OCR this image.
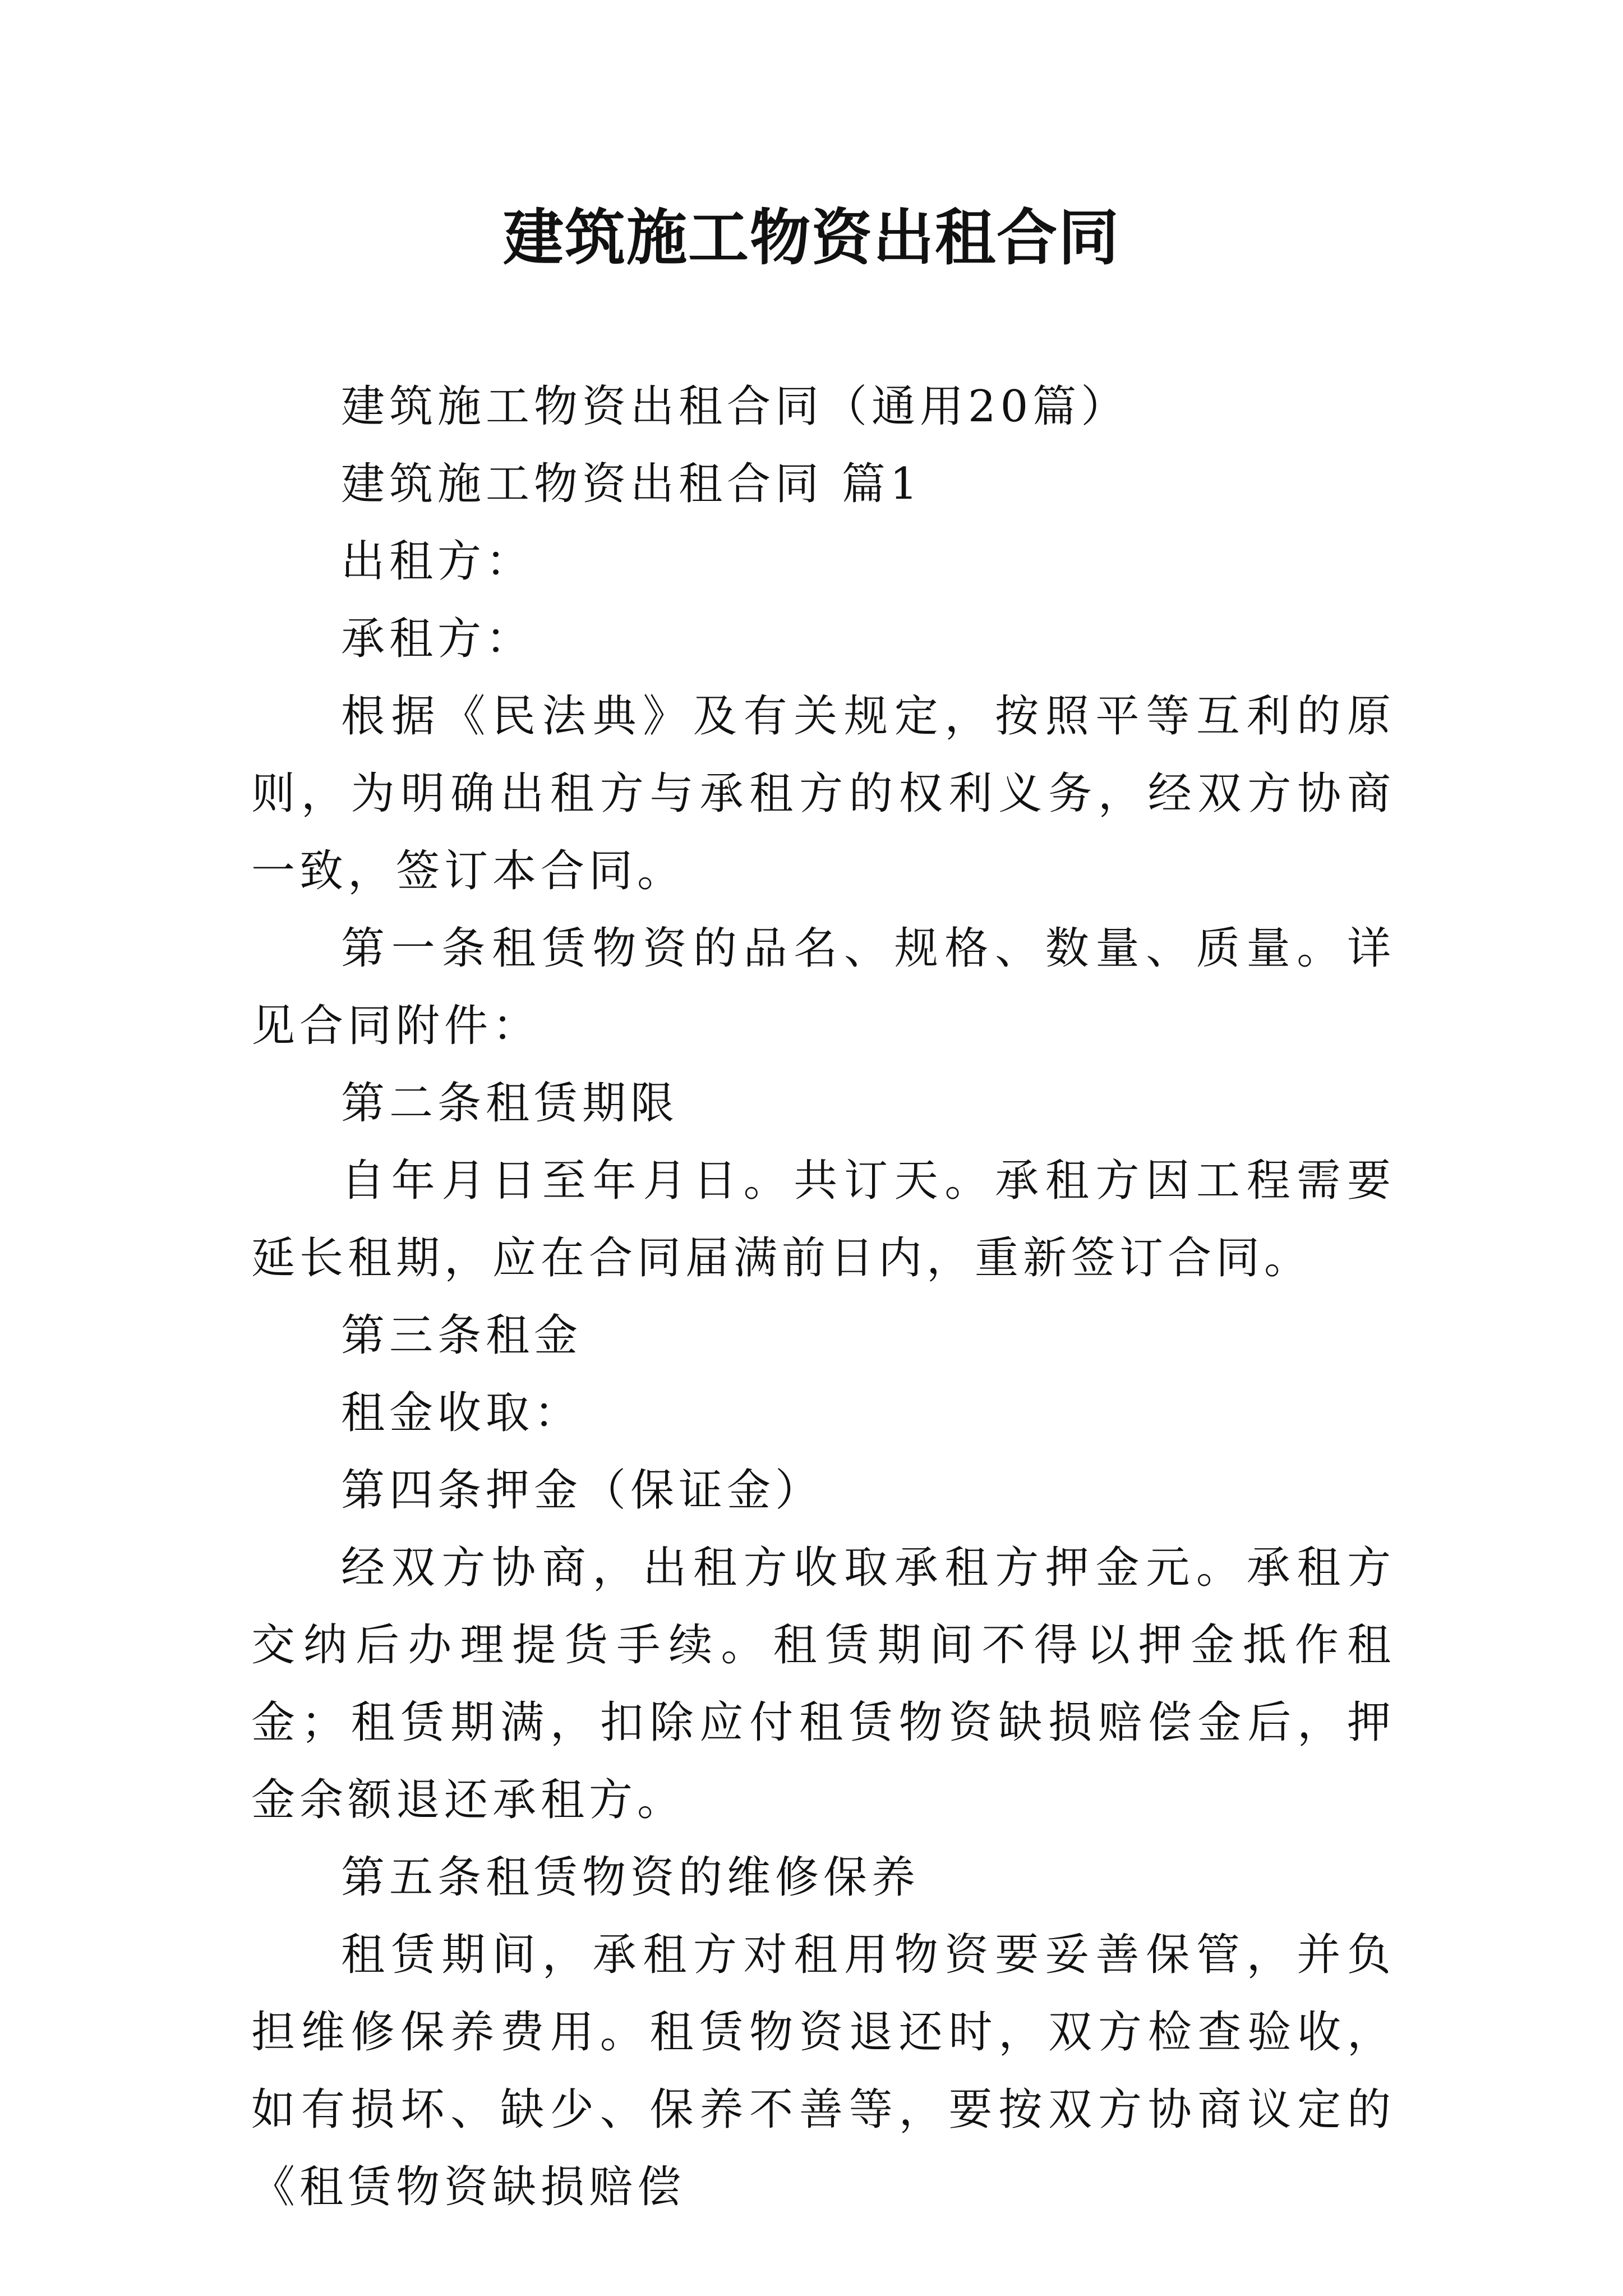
建筑施工物资出租合同

建筑施工物资出租合同（通用20篇）

建筑施工物资出租合同 篇1

出租方：

承租方：

根据《民法典》及有关规定，按照平等互利的原则，为明确出租方与承租方的权利义务，经双方协商一致，签订本合同。

第一条租赁物资的品名、规格、数量、质量。详见合同附件：

第二条租赁期限

自年月日至年月日。共订天。承租方因工程需要延长租期，应在合同届满前日内，重新签订合同。

第三条租金

租金收取：

第四条押金（保证金）

经双方协商，出租方收取承租方押金元。承租方交纳后办理提货手续。租赁期间不得以押金抵作租金；租赁期满，扣除应付租赁物资缺损赔偿金后，押金余额退还承租方。

第五条租赁物资的维修保养

租赁期间，承租方对租用物资要妥善保管，并负担维修保养费用。租赁物资退还时，双方检查验收，如有损坏、缺少、保养不善等，要按双方协商议定的《租赁物资缺损赔偿
